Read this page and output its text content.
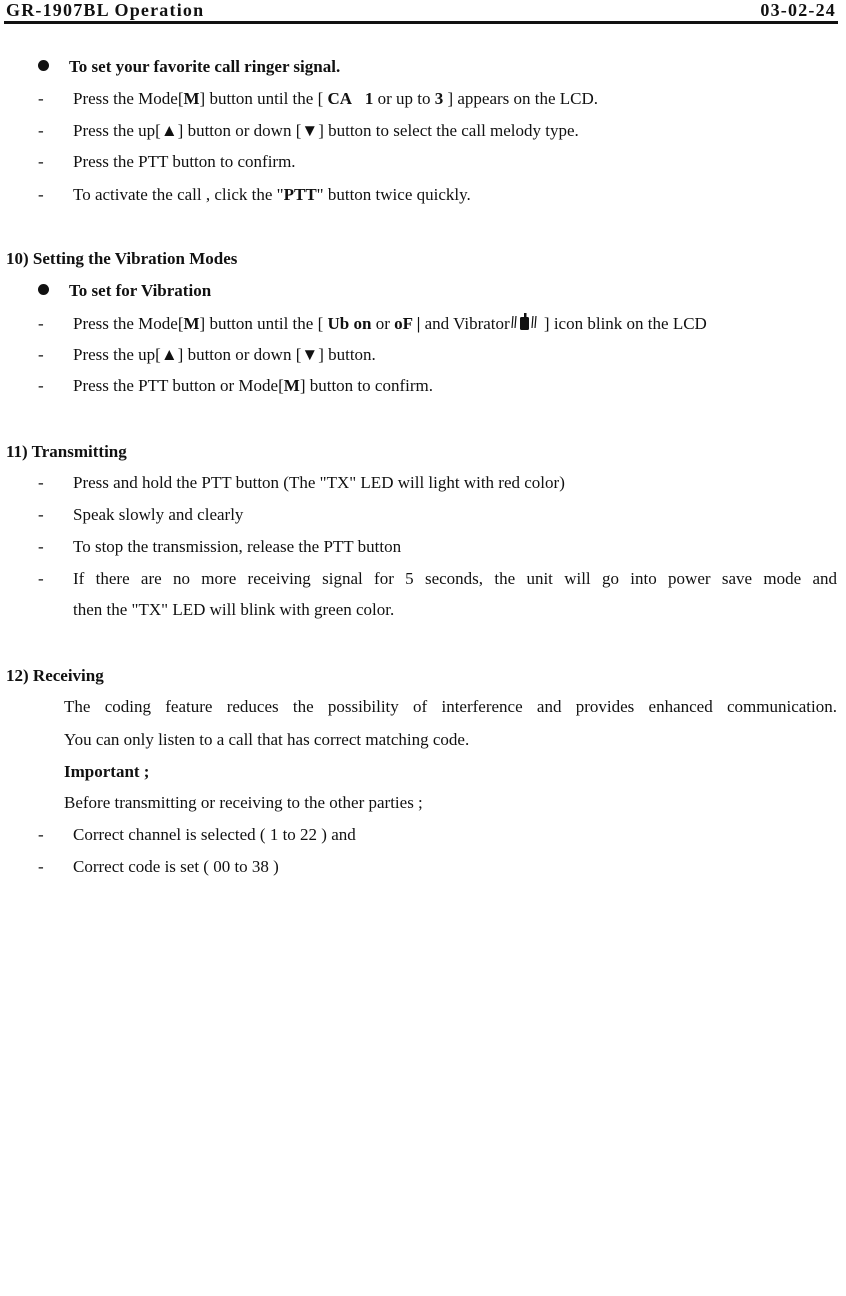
GR-1907BL Operation	03-02-24
To set your favorite call ringer signal.
- Press the Mode[M] button until the [ CA 1 or up to 3 ] appears on the LCD.
- Press the up[▲] button or down [▼] button to select the call melody type.
- Press the PTT button to confirm.
- To activate the call , click the "PTT" button twice quickly.
10) Setting the Vibration Modes
To set for Vibration
- Press the Mode[M] button until the [ Ub on or oF | and Vibrator ] icon blink on the LCD
- Press the up[▲] button or down [▼] button.
- Press the PTT button or Mode[M] button to confirm.
11) Transmitting
- Press and hold the PTT button (The "TX" LED will light with red color)
- Speak slowly and clearly
- To stop the transmission, release the PTT button
-	If there are no more receiving signal for 5 seconds, the unit will go into power save mode and
then the "TX" LED will blink with green color.
12) Receiving
The coding feature reduces the possibility of interference and provides enhanced communication.
You can only listen to a call that has correct matching code.
Important ;
Before transmitting or receiving to the other parties ;
- Correct channel is selected ( 1 to 22 ) and
- Correct code is set ( 00 to 38 )
